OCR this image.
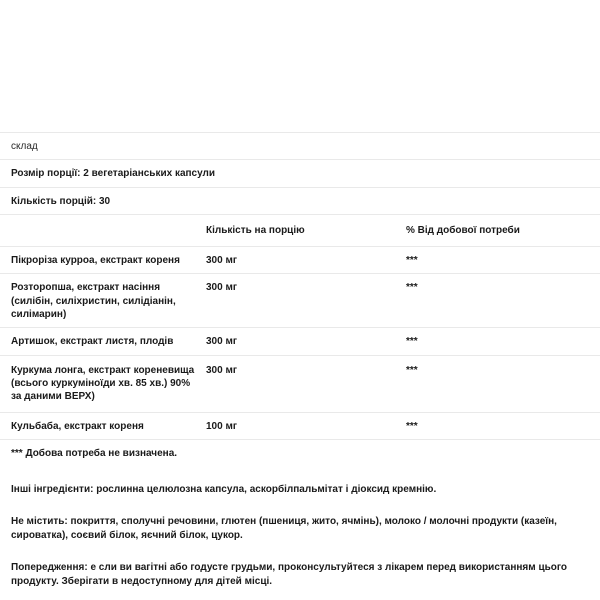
склад		
Розмір порції: 2 вегетаріанських капсули		
Кількість порцій: 30		
	Кількість на порцію	% Від добової потреби
Пікроріза курроа, екстракт кореня	300 мг	***
Розторопша, екстракт насіння (силібін, силіхристин, силідіанін, силімарин)	300 мг	***
Артишок, екстракт листя, плодів	300 мг	***
Куркума лонга, екстракт кореневища (всього куркуміноїди хв. 85 хв.) 90% за даними ВЕРХ)	300 мг	***
Кульбаба, екстракт кореня	100 мг	***
*** Добова потреба не визначена.		

Інші інгредієнти: рослинна целюлозна капсула, аскорбілпальмітат і діоксид кремнію.

Не містить: покриття, сполучні речовини, глютен (пшениця, жито, ячмінь), молоко / молочні продукти (казеїн, сироватка), соєвий білок, яєчний білок, цукор.

Попередження: е сли ви вагітні або годусте грудьми, проконсультуйтеся з лікарем перед використанням цього продукту. Зберігати в недоступному для дітей місці.
